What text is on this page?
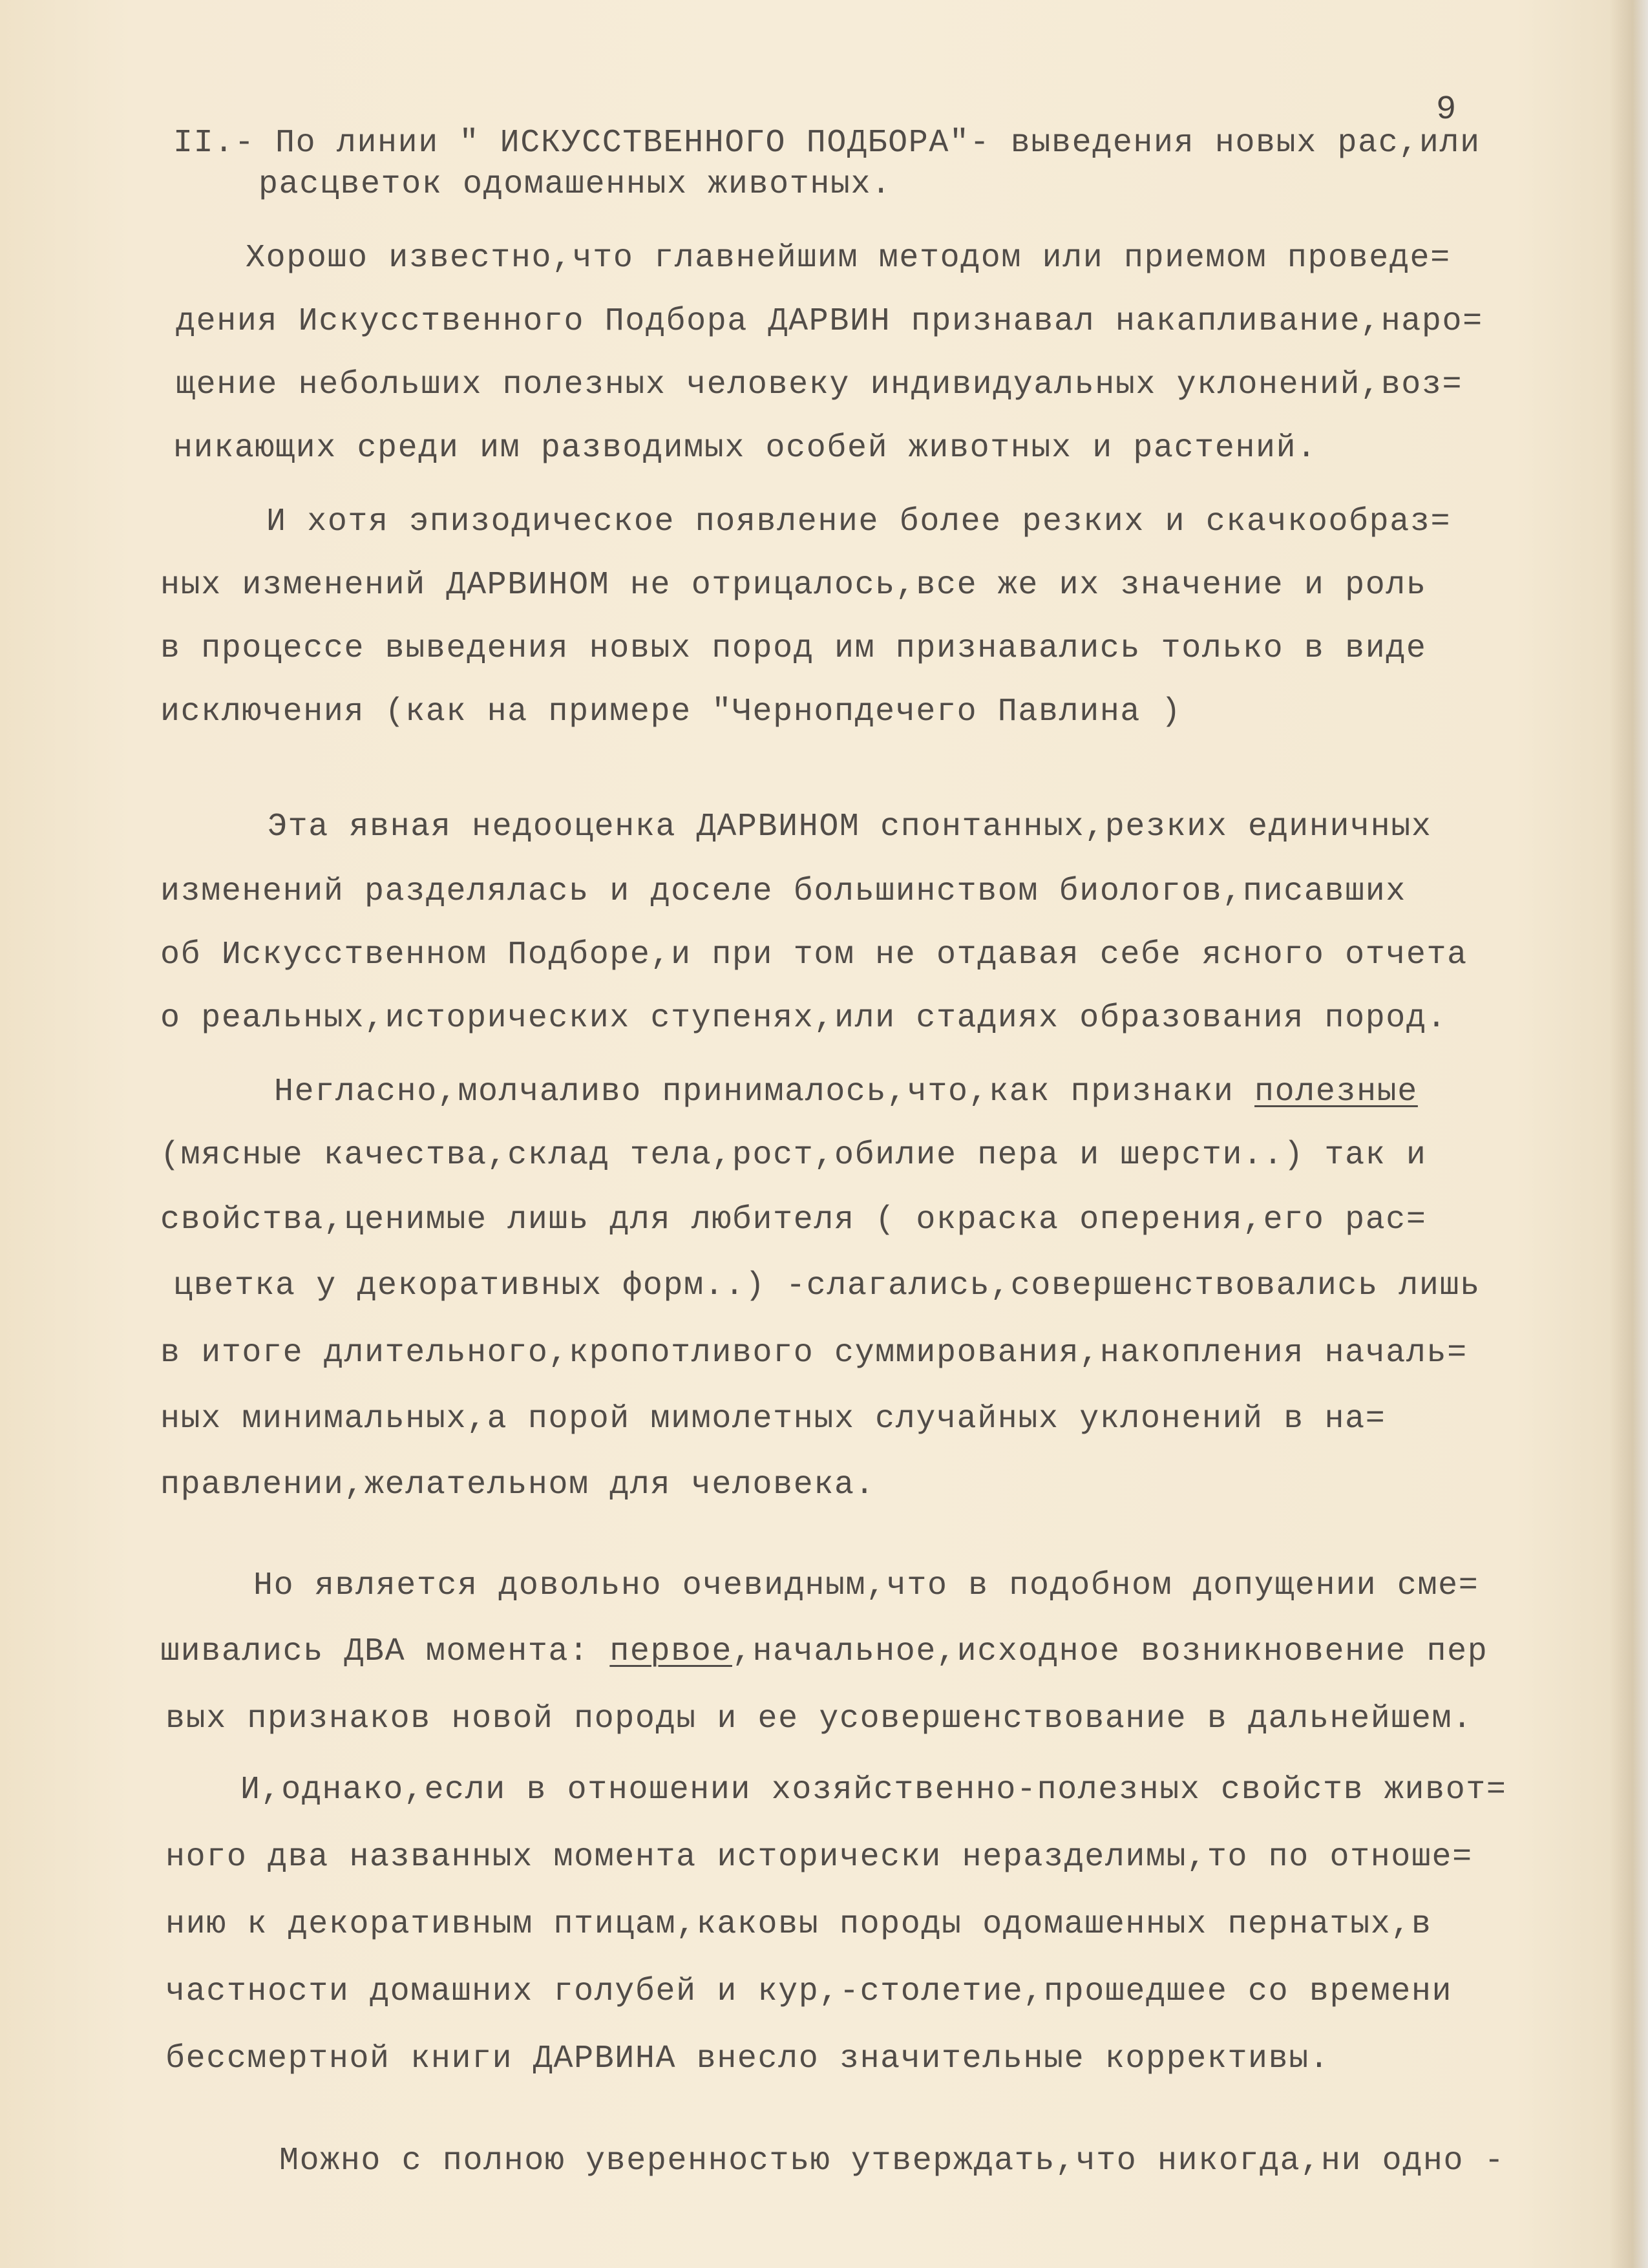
9
II.- По линии " ИСКУССТВЕННОГО ПОДБОРА"- выведения новых рас,или
расцветок одомашенных животных.
Хорошо известно,что главнейшим методом или приемом проведе=
дения Искусственного Подбора ДАРВИН признавал накапливание,наро=
щение небольших полезных человеку индивидуальных уклонений,воз=
никающих среди им разводимых особей животных и растений.
И хотя эпизодическое появление более резких и скачкообраз=
ных изменений ДАРВИНОМ не отрицалось,все же их значение и роль
в процессе выведения новых пород им признавались только в виде
исключения (как на примере "Чернопдечего Павлина )
Эта явная недооценка ДАРВИНОМ спонтанных,резких единичных
изменений разделялась и доселе большинством биологов,писавших
об Искусственном Подборе,и при том не отдавая себе ясного отчета
о реальных,исторических ступенях,или стадиях образования пород.
Негласно,молчаливо принималось,что,как признаки полезные
(мясные качества,склад тела,рост,обилие пера и шерсти..) так и
свойства,ценимые лишь для любителя ( окраска оперения,его рас=
цветка у декоративных форм..) -слагались,совершенствовались лишь
в итоге длительного,кропотливого суммирования,накопления началь=
ных минимальных,а порой мимолетных случайных уклонений в на=
правлении,желательном для человека.
Но является довольно очевидным,что в подобном допущении сме=
шивались ДВА момента: первое,начальное,исходное возникновение пер
вых признаков новой породы и ее усовершенствование в дальнейшем.
И,однако,если в отношении хозяйственно-полезных свойств живот=
ного два названных момента исторически неразделимы,то по отноше=
нию к декоративным птицам,каковы породы одомашенных пернатых,в
частности домашних голубей и кур,-столетие,прошедшее со времени
бессмертной книги ДАРВИНА внесло значительные коррективы.
Можно с полною уверенностью утверждать,что никогда,ни одно -
